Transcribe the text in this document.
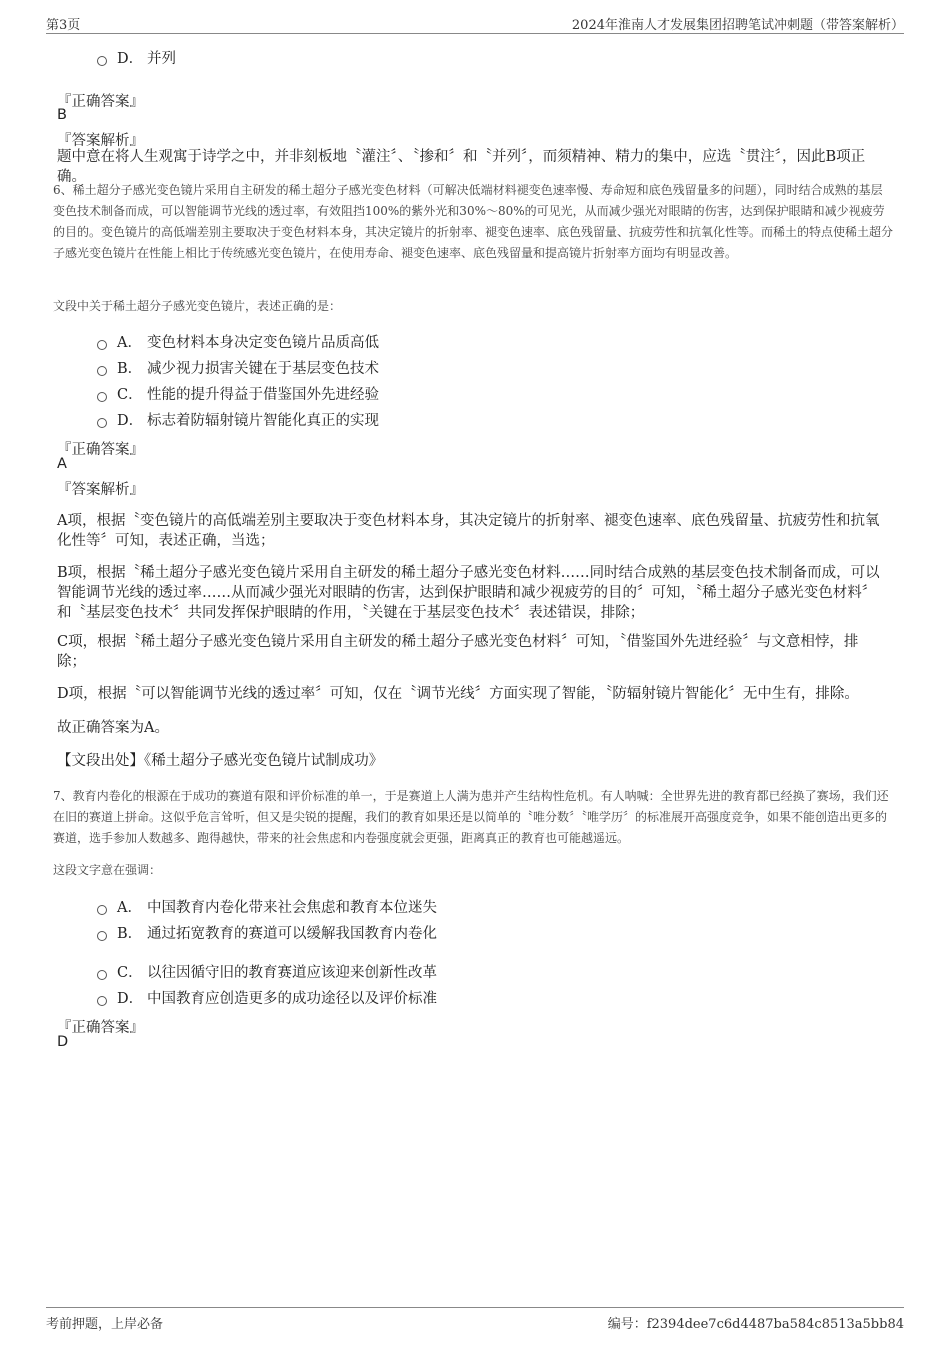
第3页	2024年淮南人才发展集团招聘笔试冲刺题（带答案解析）
D． 并列
『正确答案』
B
『答案解析』
题中意在将人生观寓于诗学之中，并非刻板地〝灌注〞、〝掺和〞和〝并列〞，而须精神、精力的集中，应选〝贯注〞，因此B项正确。
6、稀土超分子感光变色镜片采用自主研发的稀土超分子感光变色材料（可解决低端材料褪变色速率慢、寿命短和底色残留量多的问题），同时结合成熟的基层变色技术制备而成，可以智能调节光线的透过率，有效阻挡100%的紫外光和30%～80%的可见光，从而减少强光对眼睛的伤害，达到保护眼睛和减少视疲劳的目的。变色镜片的高低端差别主要取决于变色材料本身，其决定镜片的折射率、褪变色速率、底色残留量、抗疲劳性和抗氧化性等。而稀土的特点使稀土超分子感光变色镜片在性能上相比于传统感光变色镜片，在使用寿命、褪变色速率、底色残留量和提高镜片折射率方面均有明显改善。
文段中关于稀土超分子感光变色镜片，表述正确的是：
A． 变色材料本身决定变色镜片品质高低
B． 减少视力损害关键在于基层变色技术
C． 性能的提升得益于借鉴国外先进经验
D． 标志着防辐射镜片智能化真正的实现
『正确答案』
A
『答案解析』
A项，根据〝变色镜片的高低端差别主要取决于变色材料本身，其决定镜片的折射率、褪变色速率、底色残留量、抗疲劳性和抗氧化性等〞可知，表述正确，当选；
B项，根据〝稀土超分子感光变色镜片采用自主研发的稀土超分子感光变色材料……同时结合成熟的基层变色技术制备而成，可以智能调节光线的透过率……从而减少强光对眼睛的伤害，达到保护眼睛和减少视疲劳的目的〞可知，〝稀土超分子感光变色材料〞和〝基层变色技术〞共同发挥保护眼睛的作用，〝关键在于基层变色技术〞表述错误，排除；
C项，根据〝稀土超分子感光变色镜片采用自主研发的稀土超分子感光变色材料〞可知，〝借鉴国外先进经验〞与文意相悖，排除；
D项，根据〝可以智能调节光线的透过率〞可知，仅在〝调节光线〞方面实现了智能，〝防辐射镜片智能化〞无中生有，排除。
故正确答案为A。
【文段出处】《稀土超分子感光变色镜片试制成功》
7、教育内卷化的根源在于成功的赛道有限和评价标准的单一，于是赛道上人满为患并产生结构性危机。有人呐喊：全世界先进的教育都已经换了赛场，我们还在旧的赛道上拼命。这似乎危言耸听，但又是尖锐的提醒，我们的教育如果还是以简单的〝唯分数〞〝唯学历〞的标准展开高强度竞争，如果不能创造出更多的赛道，选手参加人数越多、跑得越快，带来的社会焦虑和内卷强度就会更强，距离真正的教育也可能越遥远。
这段文字意在强调：
A． 中国教育内卷化带来社会焦虑和教育本位迷失
B． 通过拓宽教育的赛道可以缓解我国教育内卷化
C． 以往因循守旧的教育赛道应该迎来创新性改革
D． 中国教育应创造更多的成功途径以及评价标准
『正确答案』
D
考前押题，上岸必备	编号：f2394dee7c6d4487ba584c8513a5bb84
